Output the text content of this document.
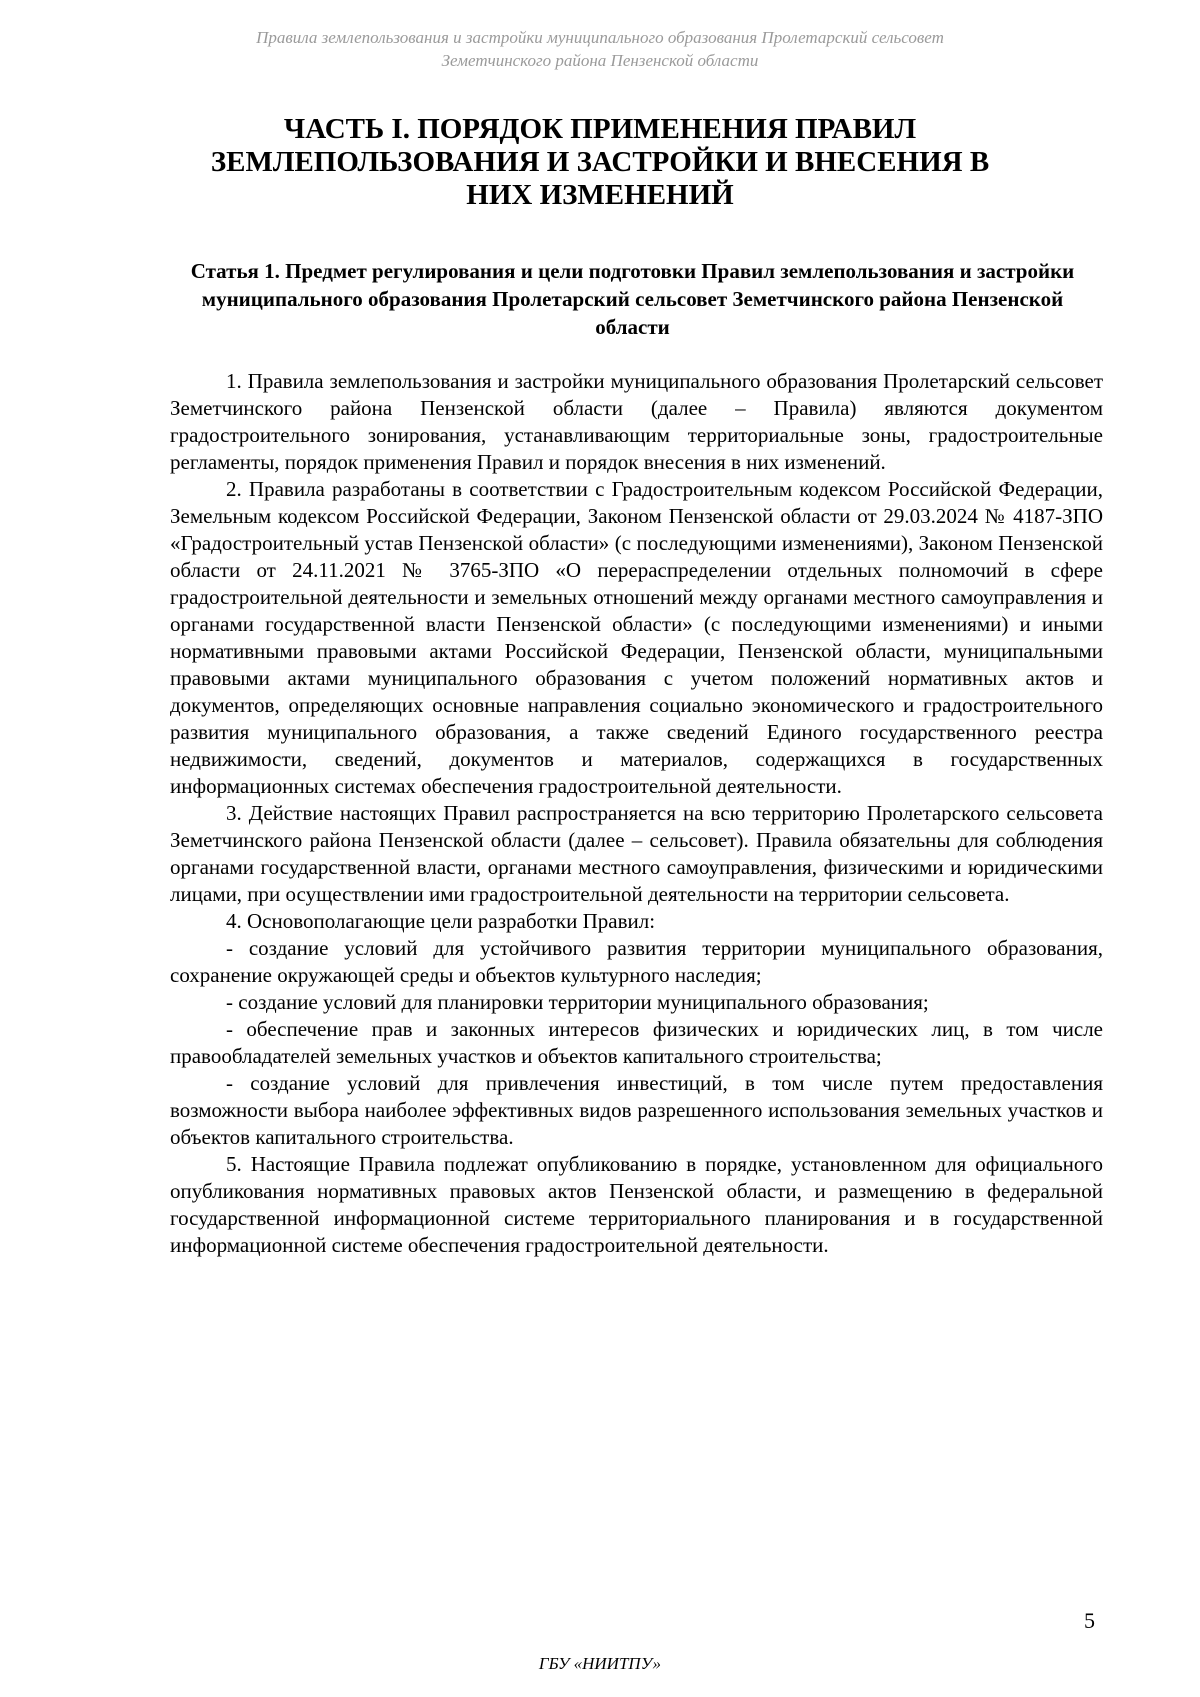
Правила землепользования и застройки муниципального образования Пролетарский сельсовет
Земетчинского района Пензенской области
ЧАСТЬ I. ПОРЯДОК ПРИМЕНЕНИЯ ПРАВИЛ ЗЕМЛЕПОЛЬЗОВАНИЯ И ЗАСТРОЙКИ И ВНЕСЕНИЯ В НИХ ИЗМЕНЕНИЙ
Статья 1. Предмет регулирования и цели подготовки Правил землепользования и застройки муниципального образования Пролетарский сельсовет Земетчинского района Пензенской области

1. Правила землепользования и застройки муниципального образования Пролетарский сельсовет Земетчинского района Пензенской области (далее – Правила) являются документом градостроительного зонирования, устанавливающим территориальные зоны, градостроительные регламенты, порядок применения Правил и порядок внесения в них изменений.

2. Правила разработаны в соответствии с Градостроительным кодексом Российской Федерации, Земельным кодексом Российской Федерации, Законом Пензенской области от 29.03.2024 № 4187-ЗПО «Градостроительный устав Пензенской области» (с последующими изменениями), Законом Пензенской области от 24.11.2021 № 3765-ЗПО «О перераспределении отдельных полномочий в сфере градостроительной деятельности и земельных отношений между органами местного самоуправления и органами государственной власти Пензенской области» (с последующими изменениями) и иными нормативными правовыми актами Российской Федерации, Пензенской области, муниципальными правовыми актами муниципального образования с учетом положений нормативных актов и документов, определяющих основные направления социально экономического и градостроительного развития муниципального образования, а также сведений Единого государственного реестра недвижимости, сведений, документов и материалов, содержащихся в государственных информационных системах обеспечения градостроительной деятельности.

3. Действие настоящих Правил распространяется на всю территорию Пролетарского сельсовета Земетчинского района Пензенской области (далее – сельсовет). Правила обязательны для соблюдения органами государственной власти, органами местного самоуправления, физическими и юридическими лицами, при осуществлении ими градостроительной деятельности на территории сельсовета.

4. Основополагающие цели разработки Правил:

- создание условий для устойчивого развития территории муниципального образования, сохранение окружающей среды и объектов культурного наследия;

- создание условий для планировки территории муниципального образования;

- обеспечение прав и законных интересов физических и юридических лиц, в том числе правообладателей земельных участков и объектов капитального строительства;

- создание условий для привлечения инвестиций, в том числе путем предоставления возможности выбора наиболее эффективных видов разрешенного использования земельных участков и объектов капитального строительства.

5. Настоящие Правила подлежат опубликованию в порядке, установленном для официального опубликования нормативных правовых актов Пензенской области, и размещению в федеральной государственной информационной системе территориального планирования и в государственной информационной системе обеспечения градостроительной деятельности.

5
ГБУ «НИИТПУ»
